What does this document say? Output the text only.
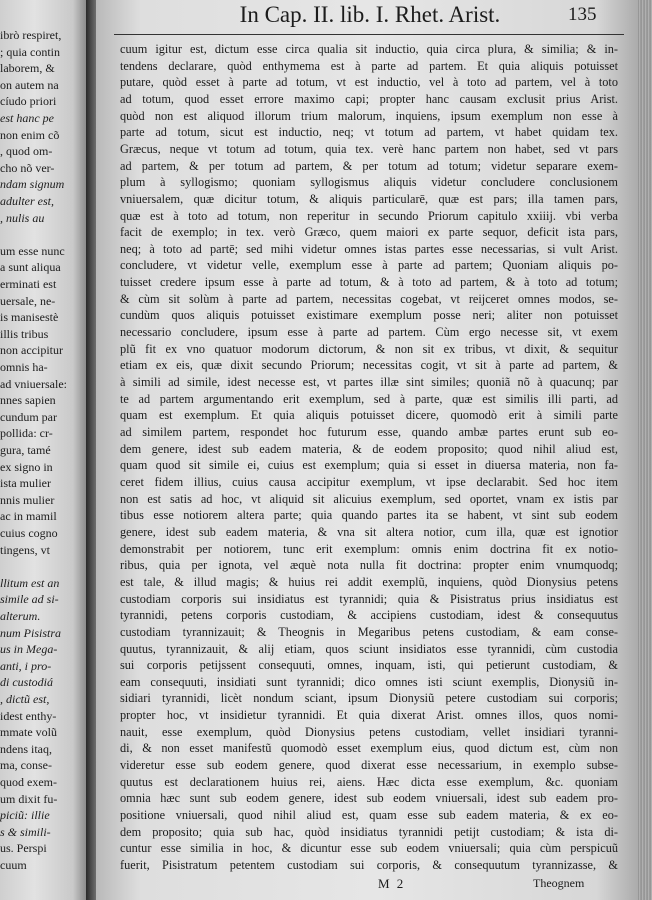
ibrò respiret,
; quia contin
laborem, &
on autem na
cíudo priori
est hanc pe
non enim cõ
, quod om-
cho nõ ver-
ndam signum
adulter est,
, nulis au
um esse nunc
a sunt aliqua
erminati est
uersale, ne-
is manisestè
illis tribus
non accipitur
omnis ha-
ad vniuersale:
nnes sapien
cundum par
pollida: cr-
gura, tamé
ex signo in
ista mulier
nnis mulier
ac in mamil
cuius cogno
tingens, vt
llitum est an
simile ad si-
alterum.
num Pisistra
us in Mega-
anti, i pro-
di custodiá
, dictũ est,
idest enthy-
mmate volũ
ndens itaq,
ma, conse-
quod exem-
um dixit fu-
piciũ: illie
s & simili-
us. Perspi
cuum
In Cap. II. lib. I. Rhet. Arist.	135
cuum igitur est, dictum esse circa qualia sit inductio, quia circa plura, & similia; & in-
tendens declarare, quòd enthymema est à parte ad partem. Et quia aliquis potuisset
putare, quòd esset à parte ad totum, vt est inductio, vel à toto ad partem, vel à toto
ad totum, quod esset errore maximo capi; propter hanc causam exclusit prius Arist.
quòd non est aliquod illorum trium malorum, inquiens, ipsum exemplum non esse à
parte ad totum, sicut est inductio, neq; vt totum ad partem, vt habet quidam tex.
Græcus, neque vt totum ad totum, quia tex. verè hanc partem non habet, sed vt pars
ad partem, & per totum ad partem, & per totum ad totum; videtur separare exem-
plum à syllogismo; quoniam syllogismus aliquis videtur concludere conclusionem
vniuersalem, quæ dicitur totum, & aliquis particularē, quæ est pars; illa tamen pars,
quæ est à toto ad totum, non reperitur in secundo Priorum capitulo xxiiij. vbi verba
facit de exemplo; in tex. verò Græco, quem maiori ex parte sequor, deficit ista pars,
neq; à toto ad partē; sed mihi videtur omnes istas partes esse necessarias, si vult Arist.
concludere, vt videtur velle, exemplum esse à parte ad partem; Quoniam aliquis po-
tuisset credere ipsum esse à parte ad totum, & à toto ad partem, & à toto ad totum;
& cùm sit solùm à parte ad partem, necessitas cogebat, vt reijceret omnes modos, se-
cundùm quos aliquis potuisset existimare exemplum posse neri; aliter non potuisset
necessario concludere, ipsum esse à parte ad partem. Cùm ergo necesse sit, vt exem
plũ fit ex vno quatuor modorum dictorum, & non sit ex tribus, vt dixit, & sequitur
etiam ex eis, quæ dixit secundo Priorum; necessitas cogit, vt sit à parte ad partem, &
à simili ad simile, idest necesse est, vt partes illæ sint similes; quoniã nõ à quacunq; par
te ad partem argumentando erit exemplum, sed à parte, quæ est similis illi parti, ad
quam est exemplum. Et quia aliquis potuisset dicere, quomodò erit à simili parte
ad similem partem, respondet hoc futurum esse, quando ambæ partes erunt sub eo-
dem genere, idest sub eadem materia, & de eodem proposito; quod nihil aliud est,
quam quod sit simile ei, cuius est exemplum; quia si esset in diuersa materia, non fa-
ceret fidem illius, cuius causa accipitur exemplum, vt ipse declarabit. Sed hoc item
non est satis ad hoc, vt aliquid sit alicuius exemplum, sed oportet, vnam ex istis par
tibus esse notiorem altera parte; quia quando partes ita se habent, vt sint sub eodem
genere, idest sub eadem materia, & vna sit altera notior, cum illa, quæ est ignotior
demonstrabit per notiorem, tunc erit exemplum: omnis enim doctrina fit ex notio-
ribus, quia per ignota, vel æquè nota nulla fit doctrina: propter enim vnumquodq;
est tale, & illud magis; & huius rei addit exemplũ, inquiens, quòd Dionysius petens
custodiam corporis sui insidiatus est tyrannidi; quia & Pisistratus prius insidiatus est
tyrannidi, petens corporis custodiam, & accipiens custodiam, idest & consequutus
custodiam tyrannizauit; & Theognis in Megaribus petens custodiam, & eam conse-
quutus, tyrannizauit, & alij etiam, quos sciunt insidiatos esse tyrannidi, cùm custodia
sui corporis petijssent consequuti, omnes, inquam, isti, qui petierunt custodiam, &
eam consequuti, insidiati sunt tyrannidi; dico omnes isti sciunt exemplis, Dionysiũ in-
sidiari tyrannidi, licèt nondum sciant, ipsum Dionysiũ petere custodiam sui corporis;
propter hoc, vt insidietur tyrannidi. Et quia dixerat Arist. omnes illos, quos nomi-
nauit, esse exemplum, quòd Dionysius petens custodiam, vellet insidiari tyranni-
di, & non esset manifestũ quomodò esset exemplum eius, quod dictum est, cùm non
videretur esse sub eodem genere, quod dixerat esse necessarium, in exemplo subse-
quutus est declarationem huius rei, aiens. Hæc dicta esse exemplum, &c. quoniam
omnia hæc sunt sub eodem genere, idest sub eodem vniuersali, idest sub eadem pro-
positione vniuersali, quod nihil aliud est, quam esse sub eadem materia, & ex eo-
dem proposito; quia sub hac, quòd insidiatus tyrannidi petijt custodiam; & ista di-
cuntur esse similia in hoc, & dicuntur esse sub eodem vniuersali; quia cùm perspicuũ
fuerit, Pisistratum petentem custodiam sui corporis, & consequutum tyrannizasse, &
M 2	Theognem
